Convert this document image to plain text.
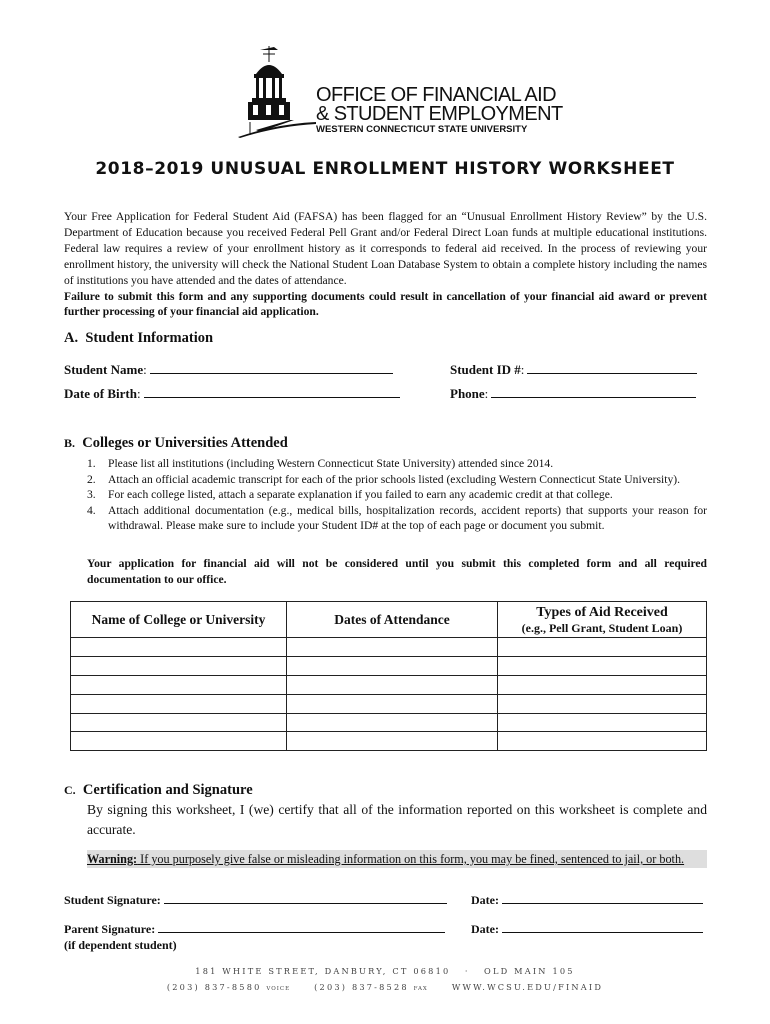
OFFICE OF FINANCIAL AID
& STUDENT EMPLOYMENT
WESTERN CONNECTICUT STATE UNIVERSITY
2018–2019 UNUSUAL ENROLLMENT HISTORY WORKSHEET

Your Free Application for Federal Student Aid (FAFSA) has been flagged for an “Unusual Enrollment History Review” by the U.S. Department of Education because you received Federal Pell Grant and/or Federal Direct Loan funds at multiple educational institutions. Federal law requires a review of your enrollment history as it corresponds to federal aid received. In the process of reviewing your enrollment history, the university will check the National Student Loan Database System to obtain a complete history including the names of institutions you have attended and the dates of attendance.

Failure to submit this form and any supporting documents could result in cancellation of your financial aid award or prevent further processing of your financial aid application.

A. Student Information
Student Name:	Student ID #:
Date of Birth:	Phone:
B. Colleges or Universities Attended
1. Please list all institutions (including Western Connecticut State University) attended since 2014.
2. Attach an official academic transcript for each of the prior schools listed (excluding Western Connecticut State University).
3. For each college listed, attach a separate explanation if you failed to earn any academic credit at that college.
4. Attach additional documentation (e.g., medical bills, hospitalization records, accident reports) that supports your reason for withdrawal. Please make sure to include your Student ID# at the top of each page or document you submit.
Your application for financial aid will not be considered until you submit this completed form and all required documentation to our office.
Name of College or University	Dates of Attendance	Types of Aid Received
(e.g., Pell Grant, Student Loan)

C. Certification and Signature
By signing this worksheet, I (we) certify that all of the information reported on this worksheet is complete and accurate.
Warning: If you purposely give false or misleading information on this form, you may be fined, sentenced to jail, or both.
Student Signature:	Date:
Parent Signature:	Date:
(if dependent student)
181 WHITE STREET, DANBURY, CT 06810 · OLD MAIN 105
(203) 837-8580 VOICE	(203) 837-8528 FAX	WWW.WCSU.EDU/FINAID
